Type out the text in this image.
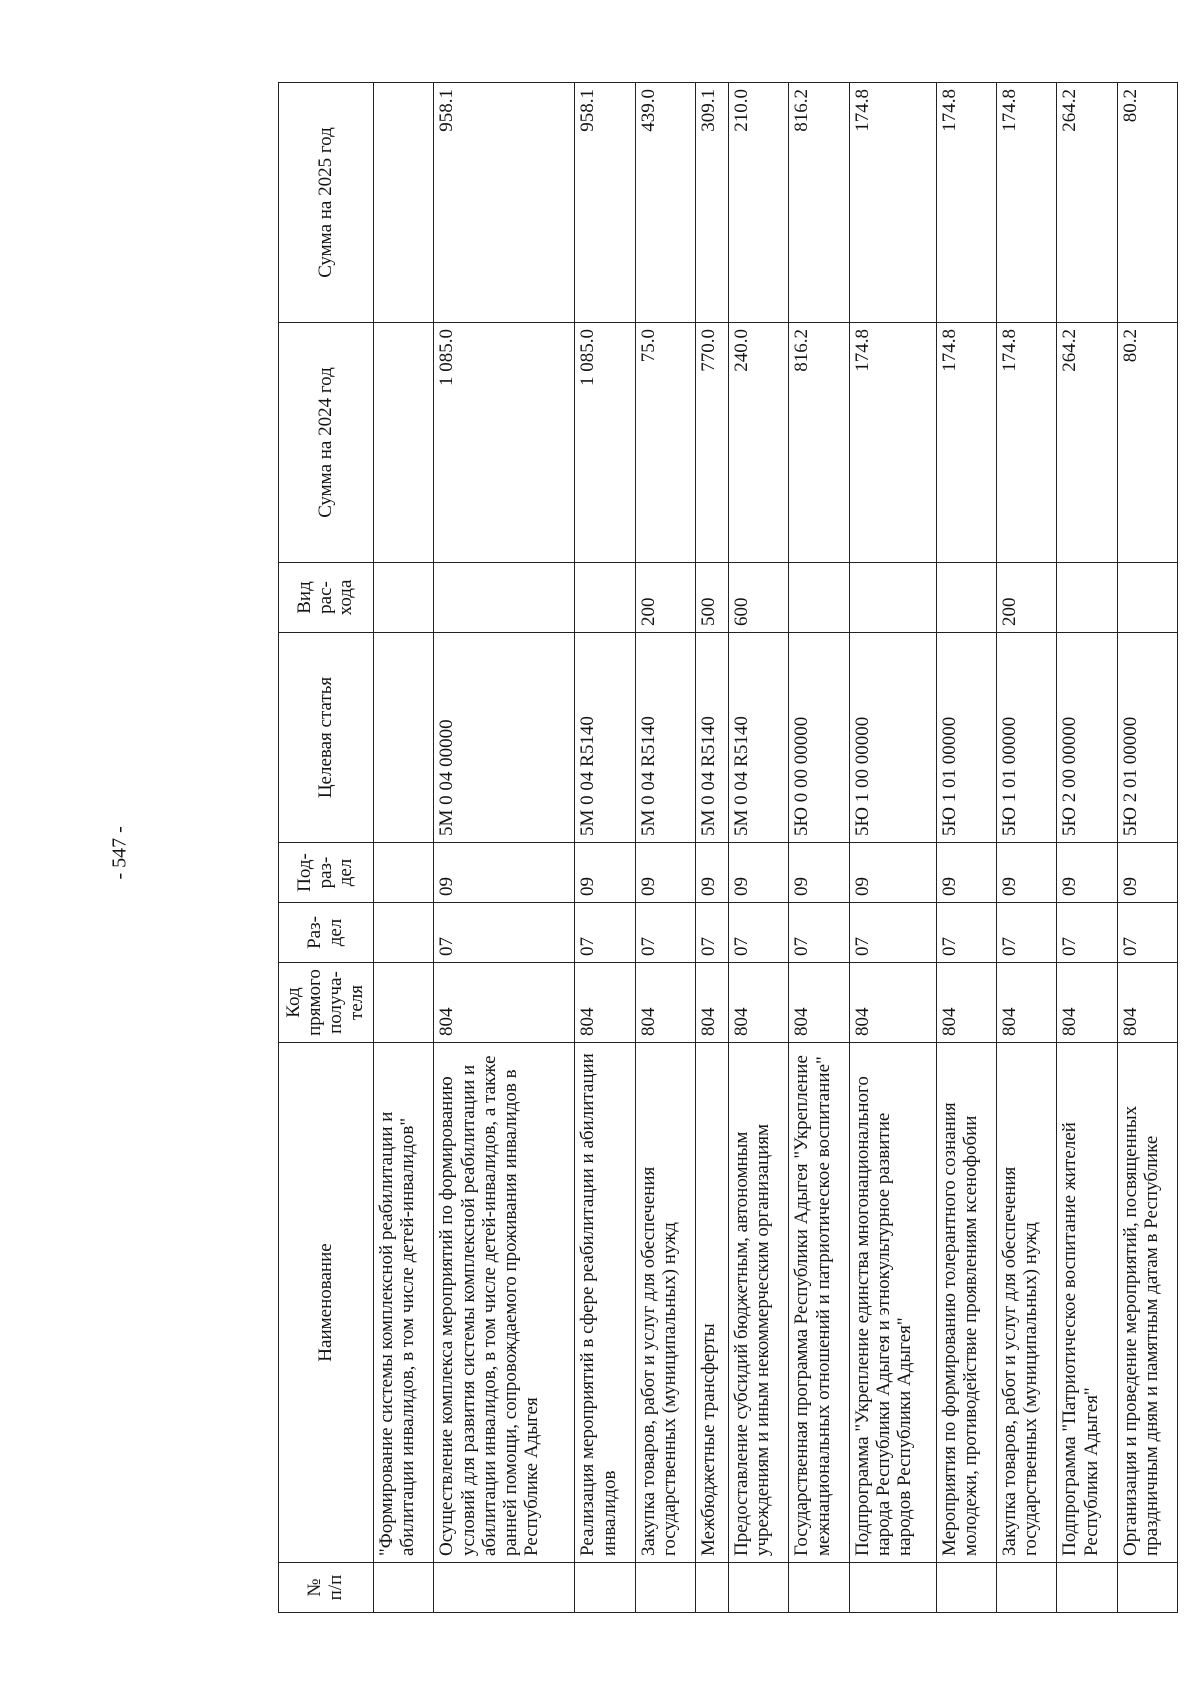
- 547 -
№ п/п	Наименование	Код прямого получа-теля	Раз-дел	Под-раз-дел	Целевая статья	Вид рас-хода	Сумма на 2024 год	Сумма на 2025 год
	"Формирование системы комплексной реабилитации и абилитации инвалидов, в том числе детей-инвалидов"							
	Осуществление комплекса мероприятий по формированию условий для развития системы комплексной реабилитации и абилитации инвалидов, в том числе детей-инвалидов, а также ранней помощи, сопровождаемого проживания инвалидов в Республике Адыгея	804	07	09	5М 0 04 00000		1 085.0	958.1
	Реализация мероприятий в сфере реабилитации и абилитации инвалидов	804	07	09	5М 0 04 R5140		1 085.0	958.1
	Закупка товаров, работ и услуг для обеспечения государственных (муниципальных) нужд	804	07	09	5М 0 04 R5140	200	75.0	439.0
	Межбюджетные трансферты	804	07	09	5М 0 04 R5140	500	770.0	309.1
	Предоставление субсидий бюджетным, автономным учреждениям и иным некоммерческим организациям	804	07	09	5М 0 04 R5140	600	240.0	210.0
	Государственная программа Республики Адыгея "Укрепление межнациональных отношений и патриотическое воспитание"	804	07	09	5Ю 0 00 00000		816.2	816.2
	Подпрограмма "Укрепление единства многонационального народа Республики Адыгея и этнокультурное развитие народов Республики Адыгея"	804	07	09	5Ю 1 00 00000		174.8	174.8
	Мероприятия по формированию толерантного сознания молодежи, противодействие проявлениям ксенофобии	804	07	09	5Ю 1 01 00000		174.8	174.8
	Закупка товаров, работ и услуг для обеспечения государственных (муниципальных) нужд	804	07	09	5Ю 1 01 00000	200	174.8	174.8
	Подпрограмма "Патриотическое воспитание жителей Республики Адыгея"	804	07	09	5Ю 2 00 00000		264.2	264.2
	Организация и проведение мероприятий, посвященных праздничным дням и памятным датам в Республике	804	07	09	5Ю 2 01 00000		80.2	80.2
